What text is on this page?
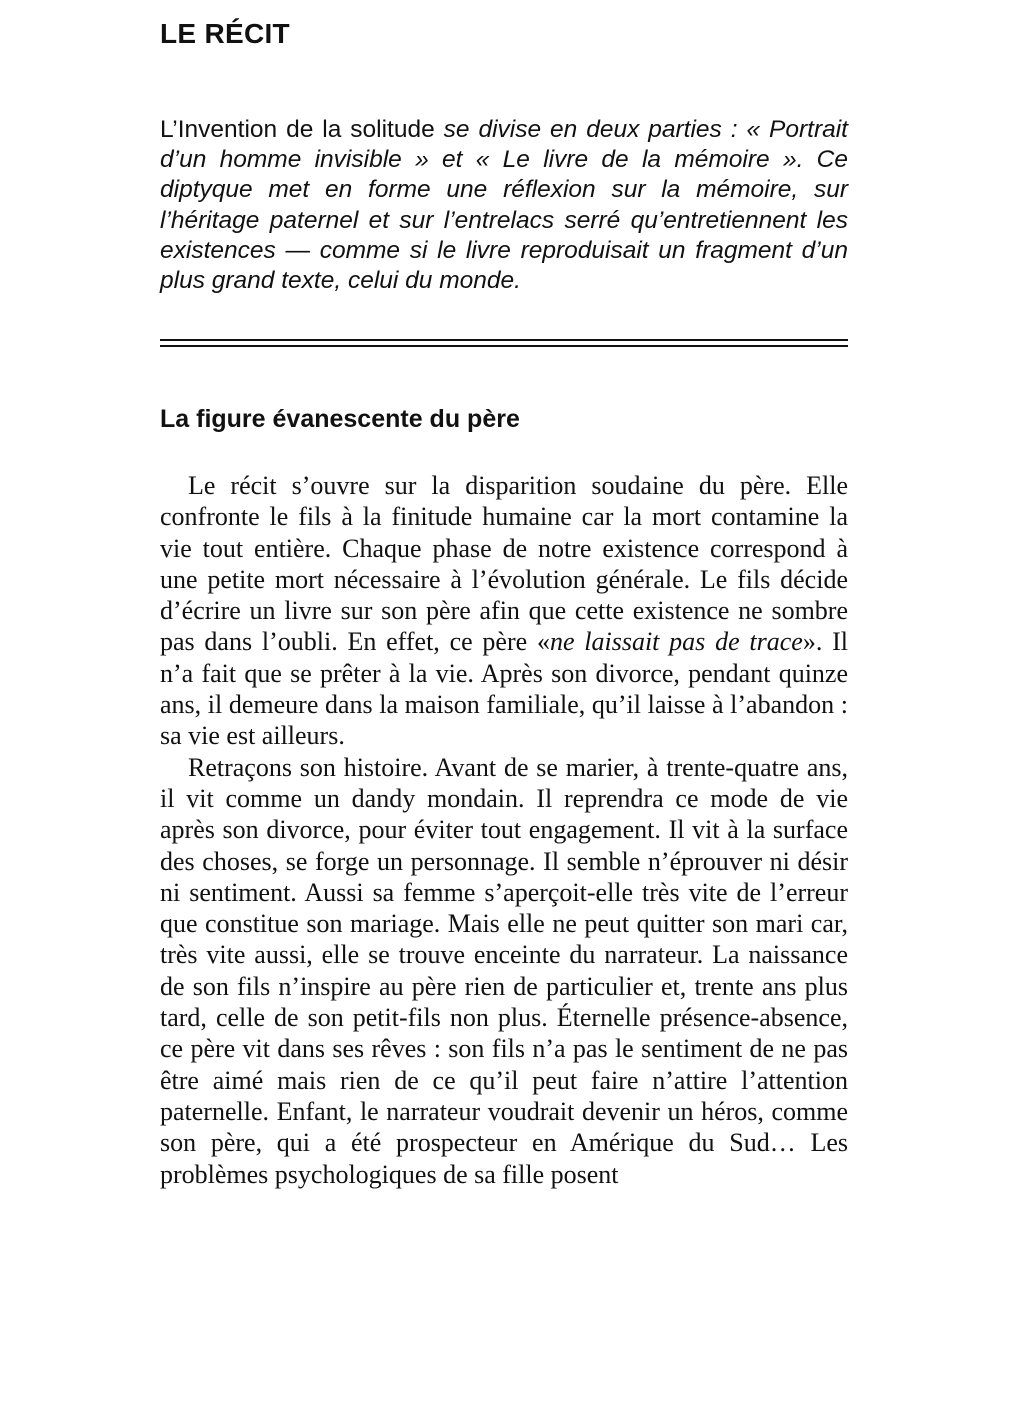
LE RÉCIT

L’Invention de la solitude se divise en deux parties : « Portrait d’un homme invisible » et « Le livre de la mémoire ». Ce diptyque met en forme une réflexion sur la mémoire, sur l’héritage paternel et sur l’entrelacs serré qu’entretiennent les existences — comme si le livre reproduisait un fragment d’un plus grand texte, celui du monde.

La figure évanescente du père

Le récit s’ouvre sur la disparition soudaine du père. Elle confronte le fils à la finitude humaine car la mort contamine la vie tout entière. Chaque phase de notre existence correspond à une petite mort nécessaire à l’évolution générale. Le fils décide d’écrire un livre sur son père afin que cette existence ne sombre pas dans l’oubli. En effet, ce père «ne laissait pas de trace». Il n’a fait que se prêter à la vie. Après son divorce, pendant quinze ans, il demeure dans la maison familiale, qu’il laisse à l’abandon : sa vie est ailleurs.

Retraçons son histoire. Avant de se marier, à trente-quatre ans, il vit comme un dandy mondain. Il reprendra ce mode de vie après son divorce, pour éviter tout engagement. Il vit à la surface des choses, se forge un personnage. Il semble n’éprouver ni désir ni sentiment. Aussi sa femme s’aperçoit-elle très vite de l’erreur que constitue son mariage. Mais elle ne peut quitter son mari car, très vite aussi, elle se trouve enceinte du narrateur. La naissance de son fils n’inspire au père rien de particulier et, trente ans plus tard, celle de son petit-fils non plus. Éternelle présence-absence, ce père vit dans ses rêves : son fils n’a pas le sentiment de ne pas être aimé mais rien de ce qu’il peut faire n’attire l’attention paternelle. Enfant, le narrateur voudrait devenir un héros, comme son père, qui a été prospecteur en Amérique du Sud… Les problèmes psychologiques de sa fille posent
